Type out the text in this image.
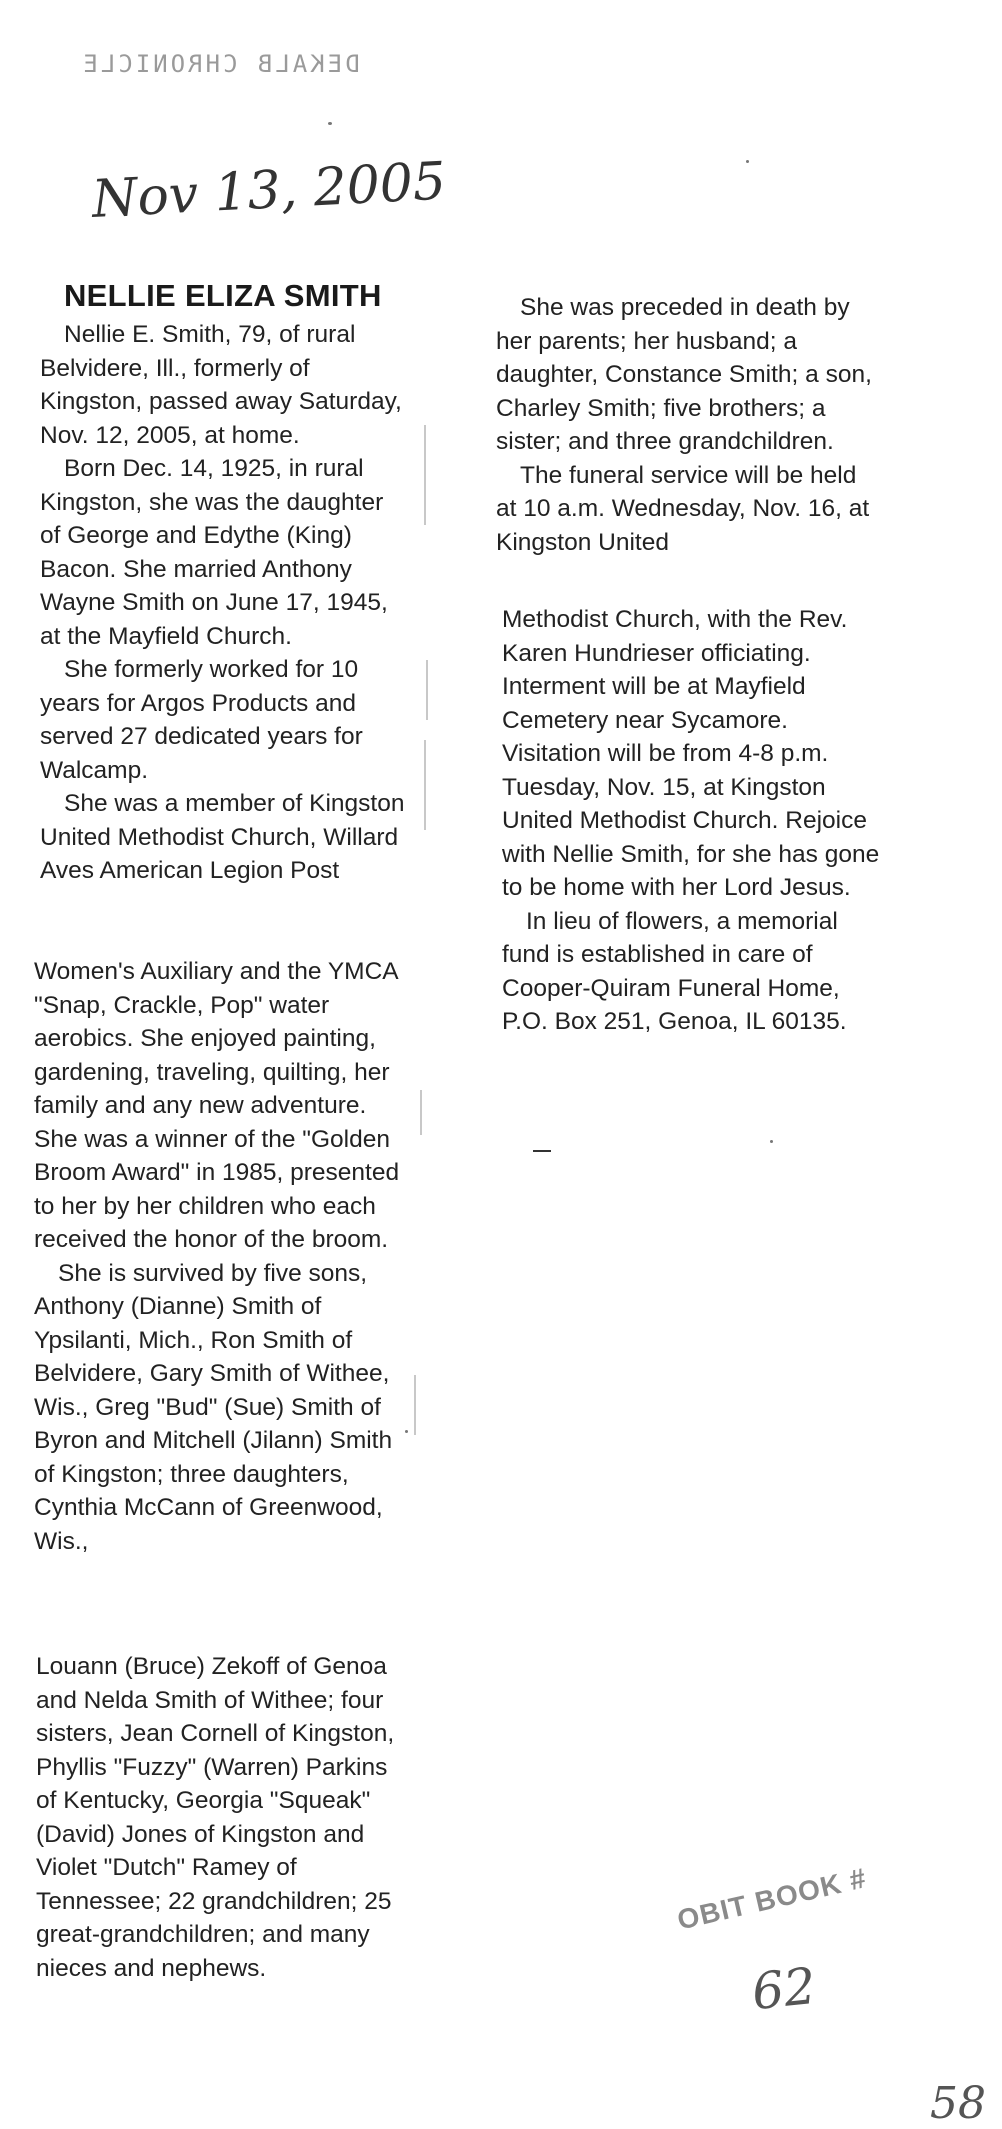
DEKALB CHRONICLE
Nov 13, 2005
NELLIE ELIZA SMITH

Nellie E. Smith, 79, of rural Belvidere, Ill., formerly of Kingston, passed away Saturday, Nov. 12, 2005, at home.

Born Dec. 14, 1925, in rural Kingston, she was the daughter of George and Edythe (King) Bacon. She married Anthony Wayne Smith on June 17, 1945, at the Mayfield Church.

She formerly worked for 10 years for Argos Products and served 27 dedicated years for Walcamp.

She was a member of Kingston United Methodist Church, Willard Aves American Legion Post

Women's Auxiliary and the YMCA "Snap, Crackle, Pop" water aerobics. She enjoyed painting, gardening, traveling, quilting, her family and any new adventure. She was a winner of the "Golden Broom Award" in 1985, presented to her by her children who each received the honor of the broom.

She is survived by five sons, Anthony (Dianne) Smith of Ypsilanti, Mich., Ron Smith of Belvidere, Gary Smith of Withee, Wis., Greg "Bud" (Sue) Smith of Byron and Mitchell (Jilann) Smith of Kingston; three daughters, Cynthia McCann of Greenwood, Wis.,

Louann (Bruce) Zekoff of Genoa and Nelda Smith of Withee; four sisters, Jean Cornell of Kingston, Phyllis "Fuzzy" (Warren) Parkins of Kentucky, Georgia "Squeak" (David) Jones of Kingston and Violet "Dutch" Ramey of Tennessee; 22 grandchildren; 25 great-grandchildren; and many nieces and nephews.

She was preceded in death by her parents; her husband; a daughter, Constance Smith; a son, Charley Smith; five brothers; a sister; and three grandchildren.

The funeral service will be held at 10 a.m. Wednesday, Nov. 16, at Kingston United

Methodist Church, with the Rev. Karen Hundrieser officiating. Interment will be at Mayfield Cemetery near Sycamore. Visitation will be from 4-8 p.m. Tuesday, Nov. 15, at Kingston United Methodist Church. Rejoice with Nellie Smith, for she has gone to be home with her Lord Jesus.

In lieu of flowers, a memorial fund is established in care of Cooper-Quiram Funeral Home, P.O. Box 251, Genoa, IL 60135.

OBIT BOOK #
62
58
